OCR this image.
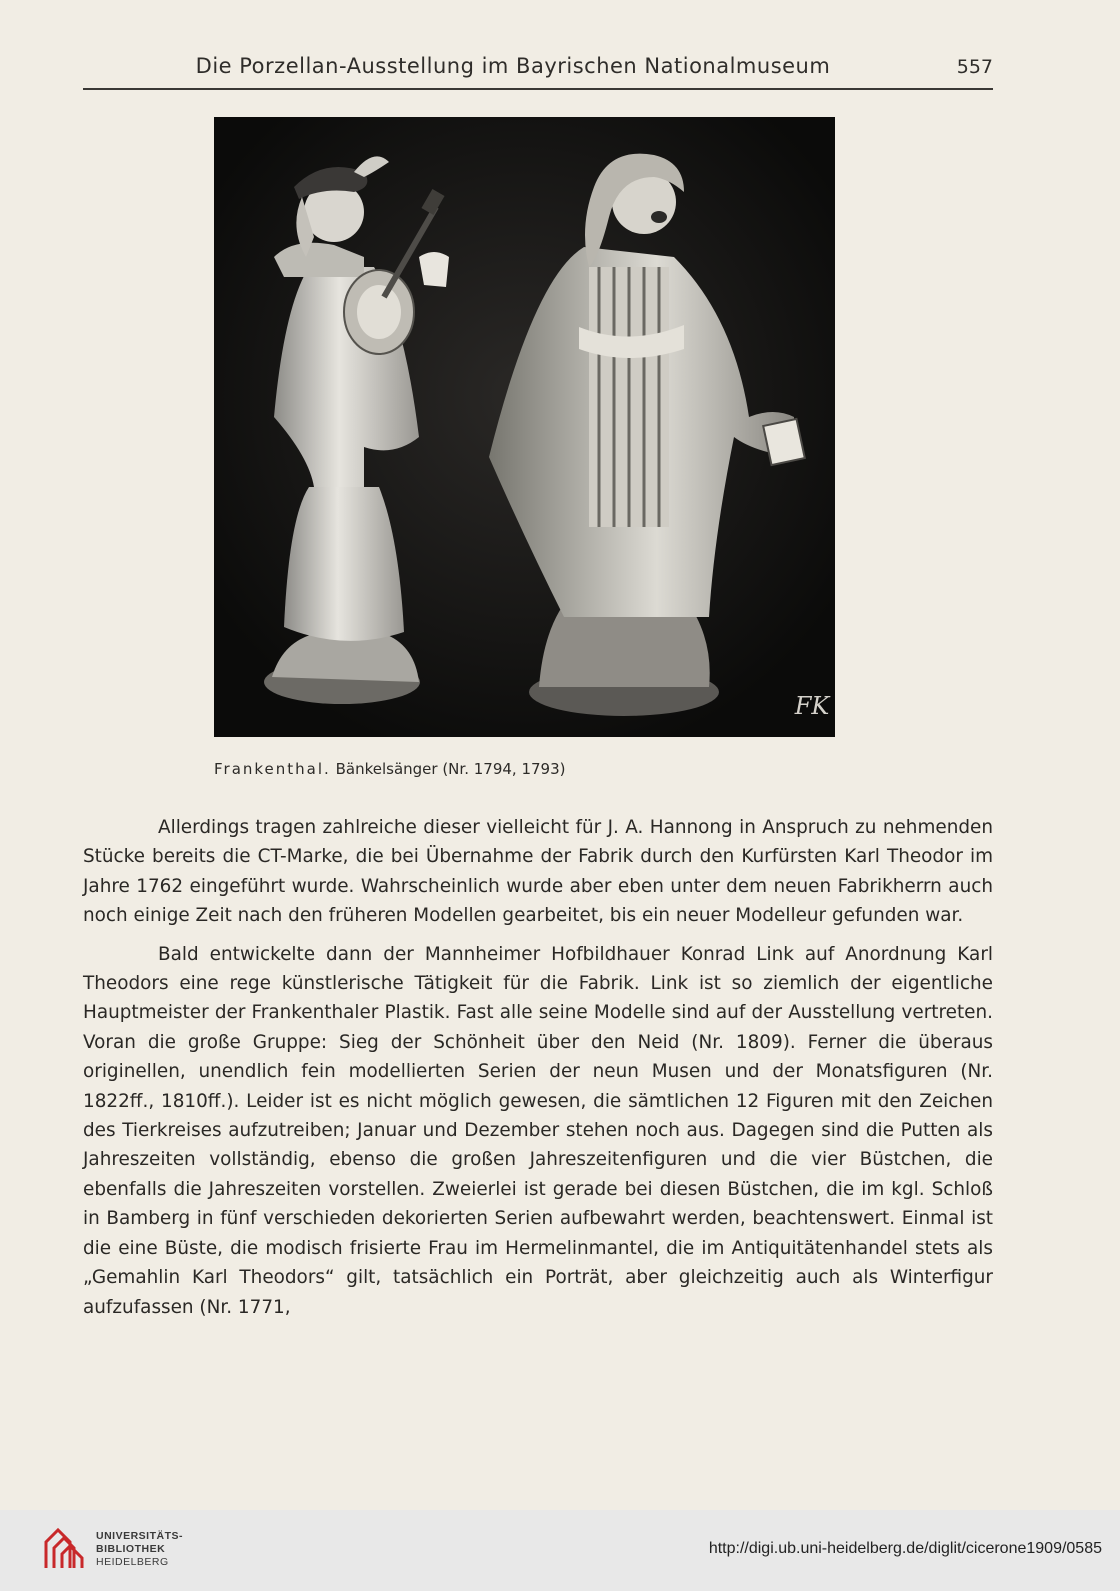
Die Porzellan-Ausstellung im Bayrischen Nationalmuseum	557
FK
Frankenthal. Bänkelsänger (Nr. 1794, 1793)

Allerdings tragen zahlreiche dieser vielleicht für J. A. Hannong in Anspruch zu nehmenden Stücke bereits die CT-Marke, die bei Übernahme der Fabrik durch den Kurfürsten Karl Theodor im Jahre 1762 eingeführt wurde. Wahrscheinlich wurde aber eben unter dem neuen Fabrikherrn auch noch einige Zeit nach den früheren Modellen gearbeitet, bis ein neuer Modelleur gefunden war.

Bald entwickelte dann der Mannheimer Hofbildhauer Konrad Link auf Anordnung Karl Theodors eine rege künstlerische Tätigkeit für die Fabrik. Link ist so ziemlich der eigentliche Hauptmeister der Frankenthaler Plastik. Fast alle seine Modelle sind auf der Ausstellung vertreten. Voran die große Gruppe: Sieg der Schönheit über den Neid (Nr. 1809). Ferner die überaus originellen, unendlich fein modellierten Serien der neun Musen und der Monatsfiguren (Nr. 1822ff., 1810ff.). Leider ist es nicht möglich gewesen, die sämtlichen 12 Figuren mit den Zeichen des Tierkreises aufzutreiben; Januar und Dezember stehen noch aus. Dagegen sind die Putten als Jahreszeiten vollständig, ebenso die großen Jahreszeitenfiguren und die vier Büstchen, die ebenfalls die Jahreszeiten vorstellen. Zweierlei ist gerade bei diesen Büstchen, die im kgl. Schloß in Bamberg in fünf verschieden dekorierten Serien aufbewahrt werden, beachtenswert. Einmal ist die eine Büste, die modisch frisierte Frau im Hermelinmantel, die im Antiquitätenhandel stets als „Gemahlin Karl Theodors“ gilt, tatsächlich ein Porträt, aber gleichzeitig auch als Winterfigur aufzufassen (Nr. 1771,

UNIVERSITÄTS-
BIBLIOTHEK
HEIDELBERG
http://digi.ub.uni-heidelberg.de/diglit/cicerone1909/0585
